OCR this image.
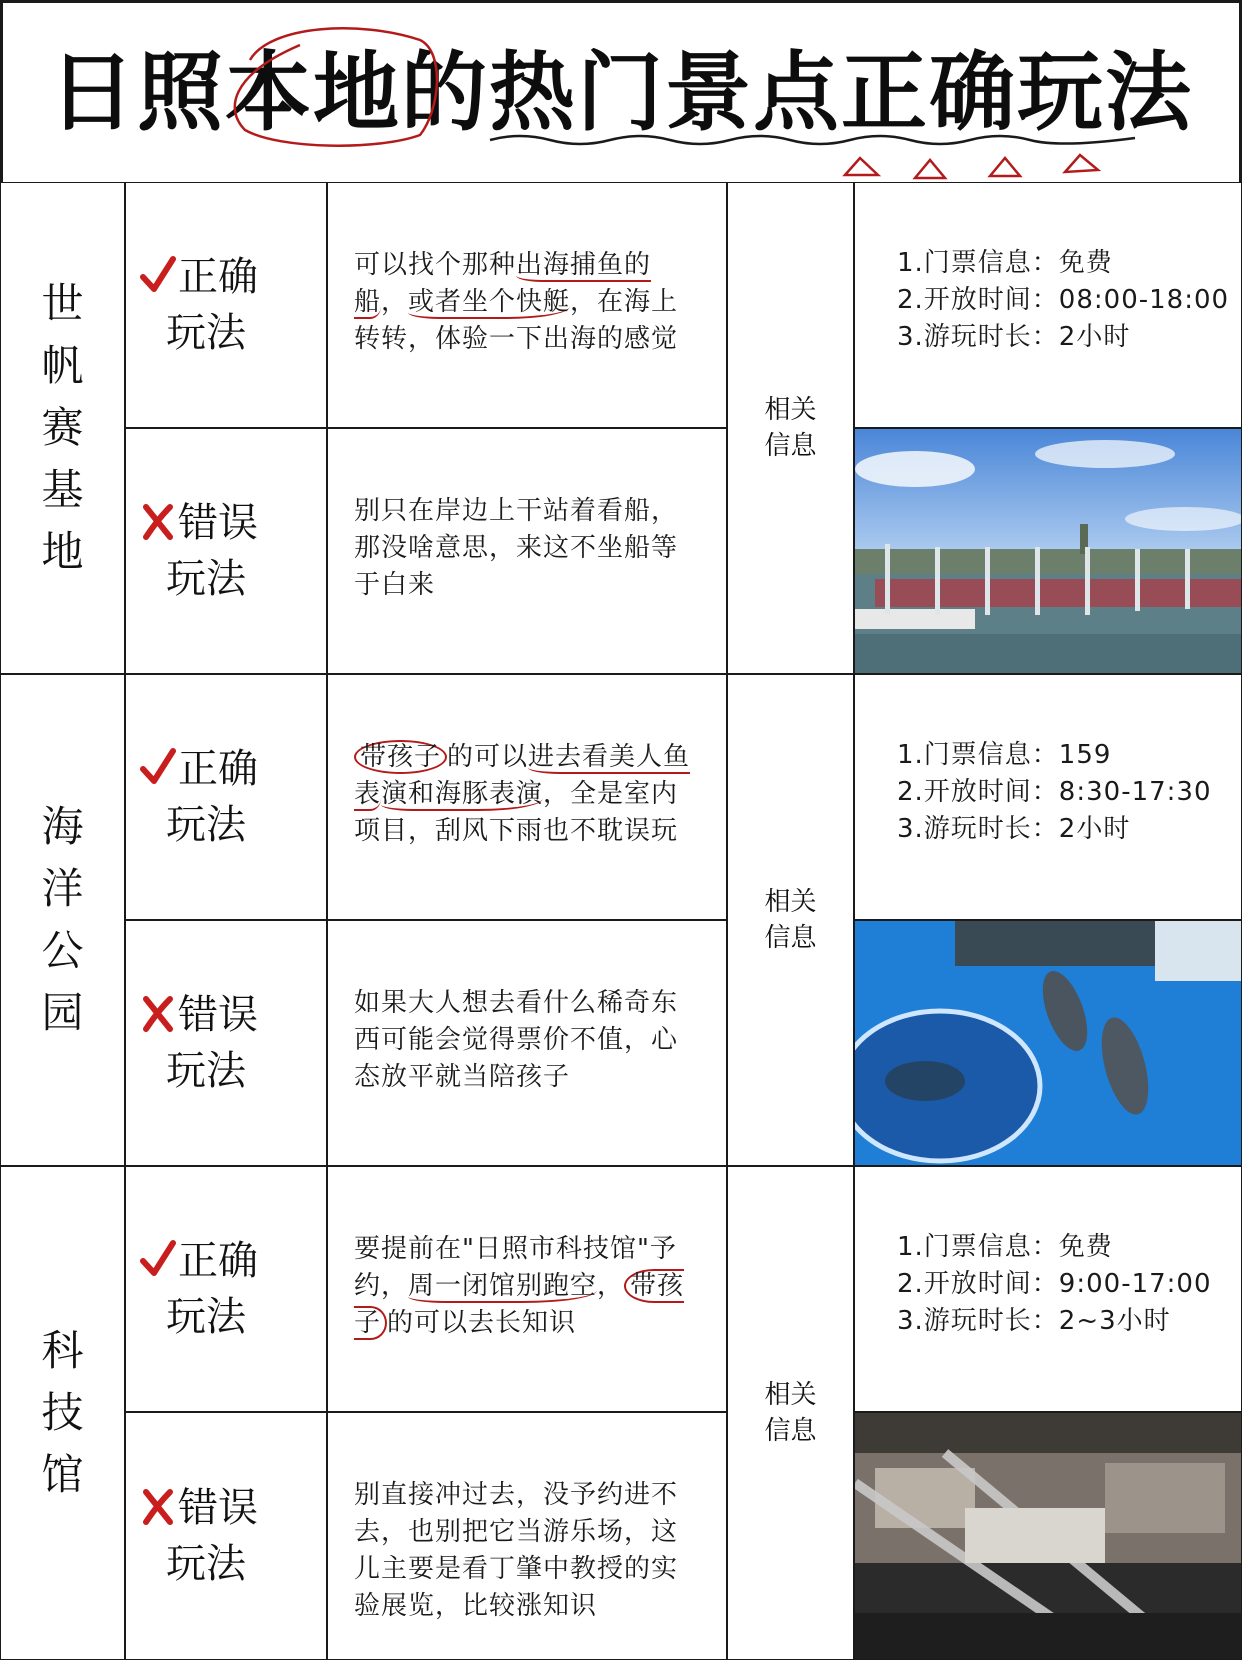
日照本地的热门景点正确玩法
世
帆
赛
基
地
正确
玩法
可以找个那种出海捕鱼的船，或者坐个快艇，在海上转转，体验一下出海的感觉
错误
玩法
别只在岸边上干站着看船，那没啥意思，来这不坐船等于白来
相关
信息
1.门票信息：免费
2.开放时间：08:00-18:00
3.游玩时长：2小时
海
洋
公
园
正确
玩法
带孩子 的可以进去看美人鱼表演和海豚表演，全是室内项目，刮风下雨也不耽误玩
错误
玩法
如果大人想去看什么稀奇东西可能会觉得票价不值，心态放平就当陪孩子
相关
信息
1.门票信息：159
2.开放时间：8:30-17:30
3.游玩时长：2小时
科
技
馆
正确
玩法
要提前在"日照市科技馆"予约，周一闭馆别跑空， 带孩子 的可以去长知识
错误
玩法
别直接冲过去，没予约进不去，也别把它当游乐场，这儿主要是看丁肇中教授的实验展览，比较涨知识
相关
信息
1.门票信息：免费
2.开放时间：9:00-17:00
3.游玩时长：2~3小时
